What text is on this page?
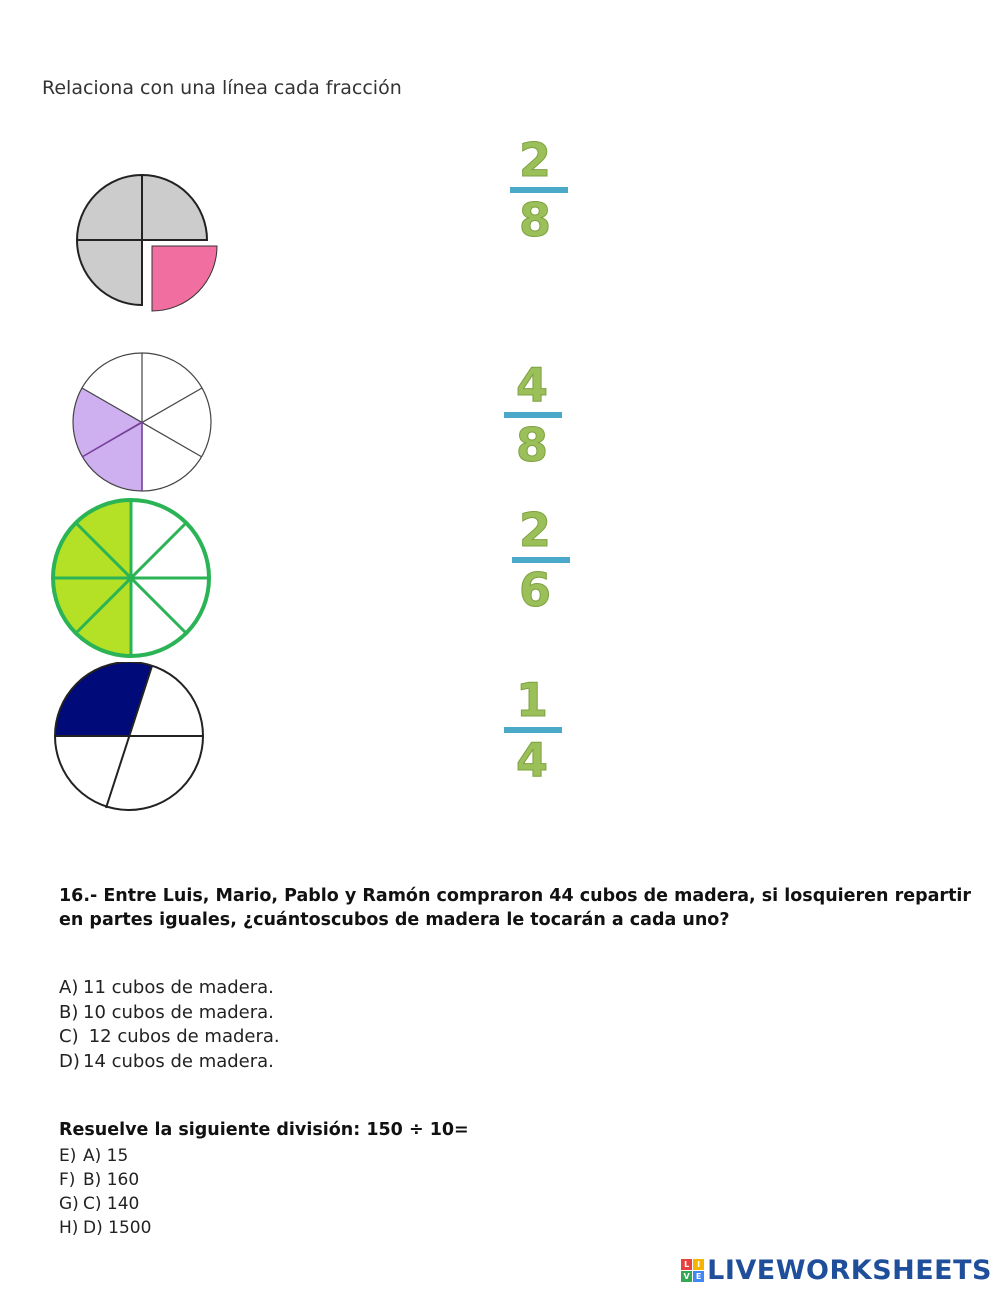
Relaciona con una línea cada fracción
2
8
4
8
2
6
1
4
16.- Entre Luis, Mario, Pablo y Ramón compraron 44 cubos de madera, si losquieren repartir en partes iguales, ¿cuántoscubos de madera le tocarán a cada uno?
A) 11 cubos de madera.
B) 10 cubos de madera.
C) 12 cubos de madera.
D) 14 cubos de madera.
Resuelve la siguiente división: 150 ÷ 10=
E) A) 15
F) B) 160
G) C) 140
H) D) 1500
L I
V E LIVEWORKSHEETS
